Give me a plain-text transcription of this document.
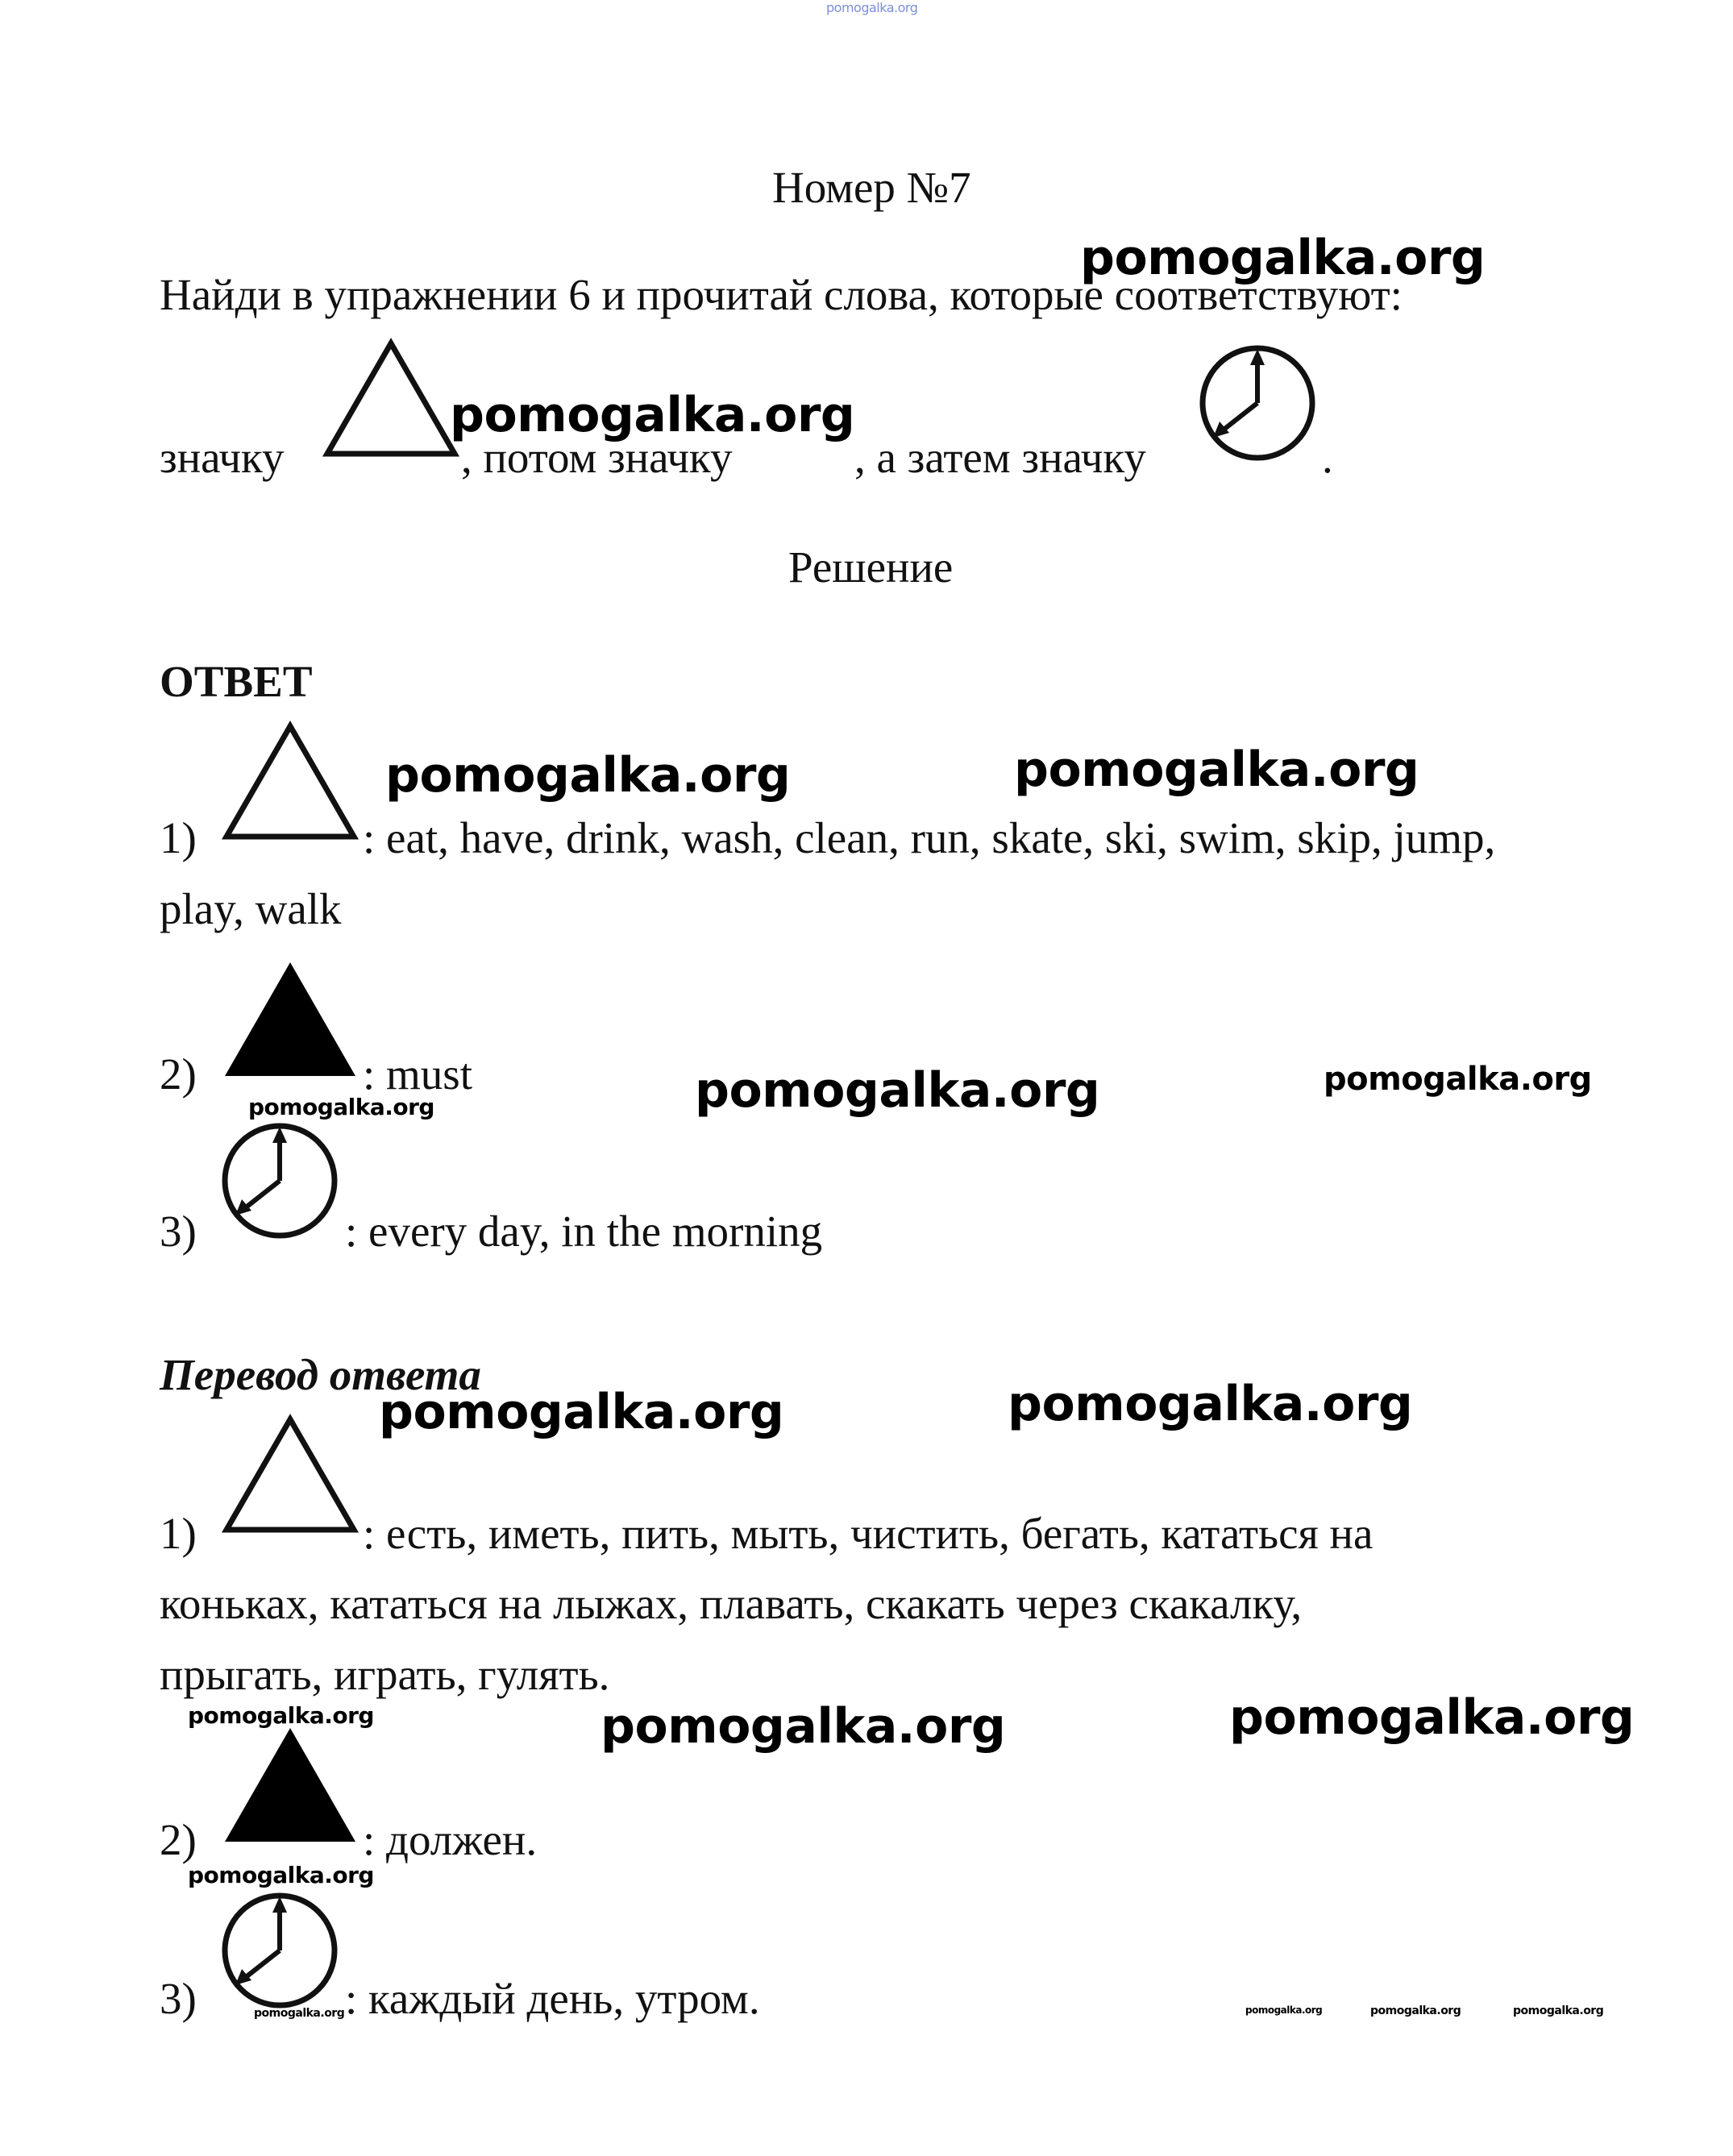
pomogalka.org
Номер №7
Найди в упражнении 6 и прочитай слова, которые соответствуют:
значку	, потом значку	, а затем значку	.
Решение
ОТВЕТ
1)	: eat, have, drink, wash, clean, run, skate, ski, swim, skip, jump,
play, walk
2)	: must
3)	: every day, in the morning
Перевод ответа
1)	: есть, иметь, пить, мыть, чистить, бегать, кататься на
коньках, кататься на лыжах, плавать, скакать через скакалку,
прыгать, играть, гулять.
2)	: должен.
3)	: каждый день, утром.
pomogalka.org
pomogalka.org
pomogalka.org	pomogalka.org
pomogalka.org	pomogalka.org	pomogalka.org
pomogalka.org	pomogalka.org
pomogalka.org	pomogalka.org	pomogalka.org
pomogalka.org
pomogalka.org	pomogalka.org	pomogalka.org	pomogalka.org
